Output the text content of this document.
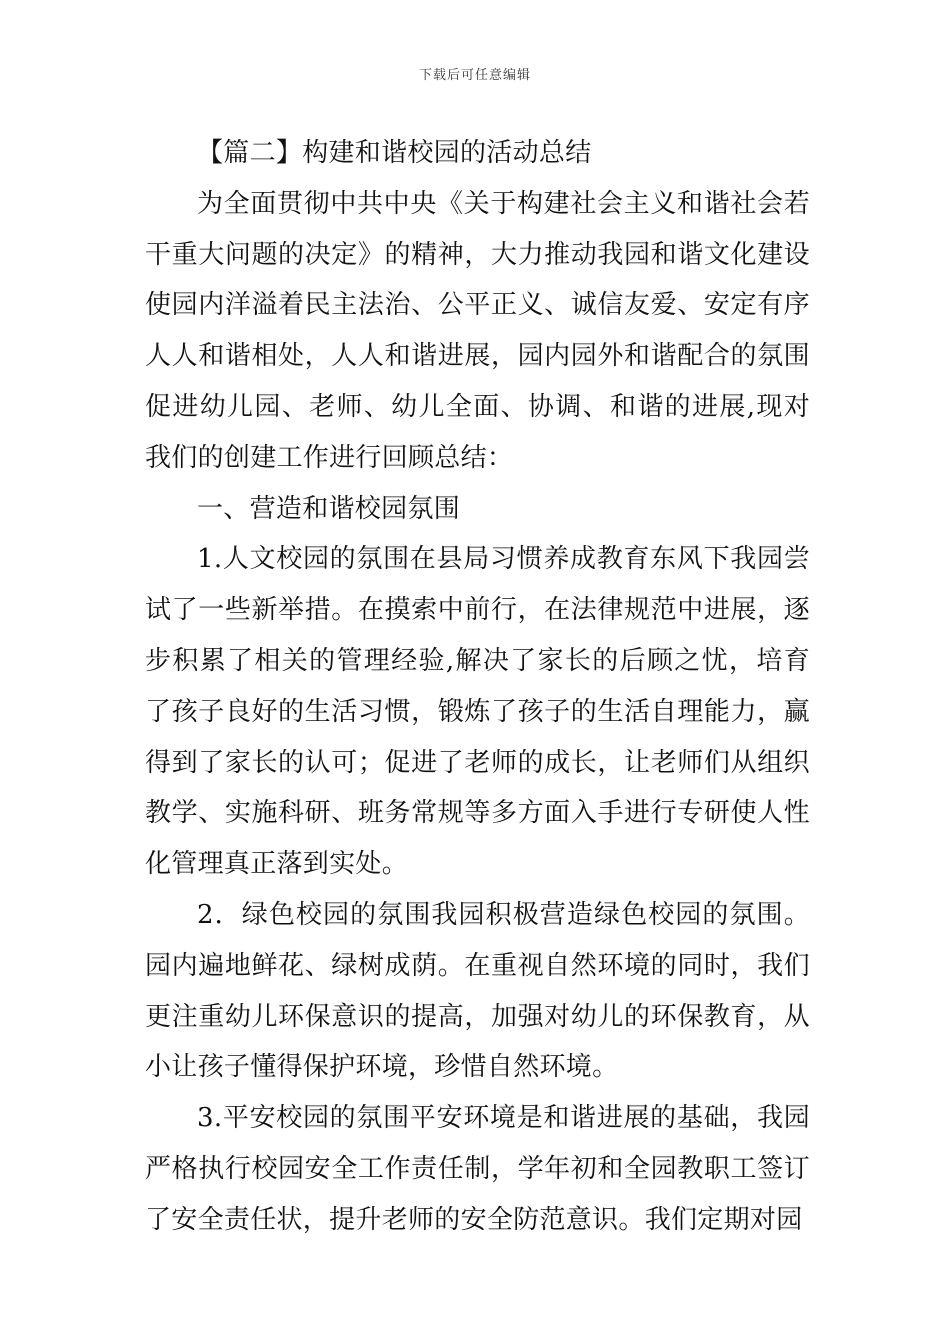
下载后可任意编辑

【篇二】构建和谐校园的活动总结

为全面贯彻中共中央《关于构建社会主义和谐社会若干重大问题的决定》的精神，大力推动我园和谐文化建设使园内洋溢着民主法治、公平正义、诚信友爱、安定有序人人和谐相处，人人和谐进展，园内园外和谐配合的氛围促进幼儿园、老师、幼儿全面、协调、和谐的进展,现对我们的创建工作进行回顾总结：

一、营造和谐校园氛围

1.人文校园的氛围在县局习惯养成教育东风下我园尝试了一些新举措。在摸索中前行，在法律规范中进展，逐步积累了相关的管理经验,解决了家长的后顾之忧，培育了孩子良好的生活习惯，锻炼了孩子的生活自理能力，赢得到了家长的认可；促进了老师的成长，让老师们从组织教学、实施科研、班务常规等多方面入手进行专研使人性化管理真正落到实处。

2．绿色校园的氛围我园积极营造绿色校园的氛围。园内遍地鲜花、绿树成荫。在重视自然环境的同时，我们更注重幼儿环保意识的提高，加强对幼儿的环保教育，从小让孩子懂得保护环境，珍惜自然环境。

3.平安校园的氛围平安环境是和谐进展的基础，我园严格执行校园安全工作责任制，学年初和全园教职工签订了安全责任状，提升老师的安全防范意识。我们定期对园
